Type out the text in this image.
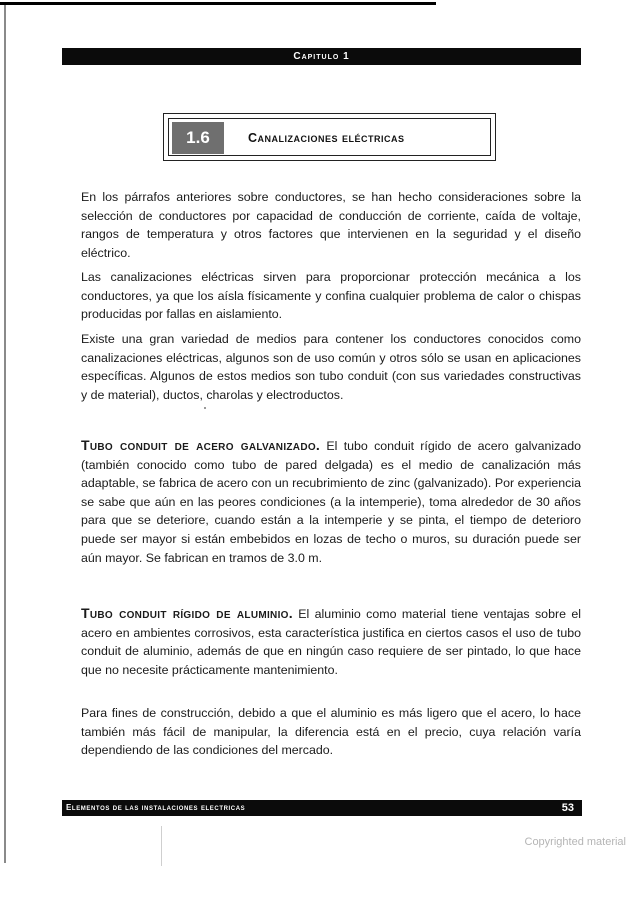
Capitulo 1
1.6	Canalizaciones eléctricas
En los párrafos anteriores sobre conductores, se han hecho consideraciones sobre la selección de conductores por capacidad de conducción de corriente, caída de voltaje, rangos de temperatura y otros factores que intervienen en la seguridad y el diseño eléctrico.
Las canalizaciones eléctricas sirven para proporcionar protección mecánica a los conductores, ya que los aísla físicamente y confina cualquier problema de calor o chispas producidas por fallas en aislamiento.
Existe una gran variedad de medios para contener los conductores conocidos como canalizaciones eléctricas, algunos son de uso común y otros sólo se usan en aplicaciones específicas. Algunos de estos medios son tubo conduit (con sus variedades constructivas y de material), ductos, charolas y electroductos.
Tubo conduit de acero galvanizado. El tubo conduit rígido de acero galvanizado (también conocido como tubo de pared delgada) es el medio de canalización más adaptable, se fabrica de acero con un recubrimiento de zinc (galvanizado). Por experiencia se sabe que aún en las peores condiciones (a la intemperie), toma alrededor de 30 años para que se deteriore, cuando están a la intemperie y se pinta, el tiempo de deterioro puede ser mayor si están embebidos en lozas de techo o muros, su duración puede ser aún mayor. Se fabrican en tramos de 3.0 m.
Tubo conduit rígido de aluminio. El aluminio como material tiene ventajas sobre el acero en ambientes corrosivos, esta característica justifica en ciertos casos el uso de tubo conduit de aluminio, además de que en ningún caso requiere de ser pintado, lo que hace que no necesite prácticamente mantenimiento.
Para fines de construcción, debido a que el aluminio es más ligero que el acero, lo hace también más fácil de manipular, la diferencia está en el precio, cuya relación varía dependiendo de las condiciones del mercado.
Elementos de las instalaciones electricas	53
Copyrighted material
